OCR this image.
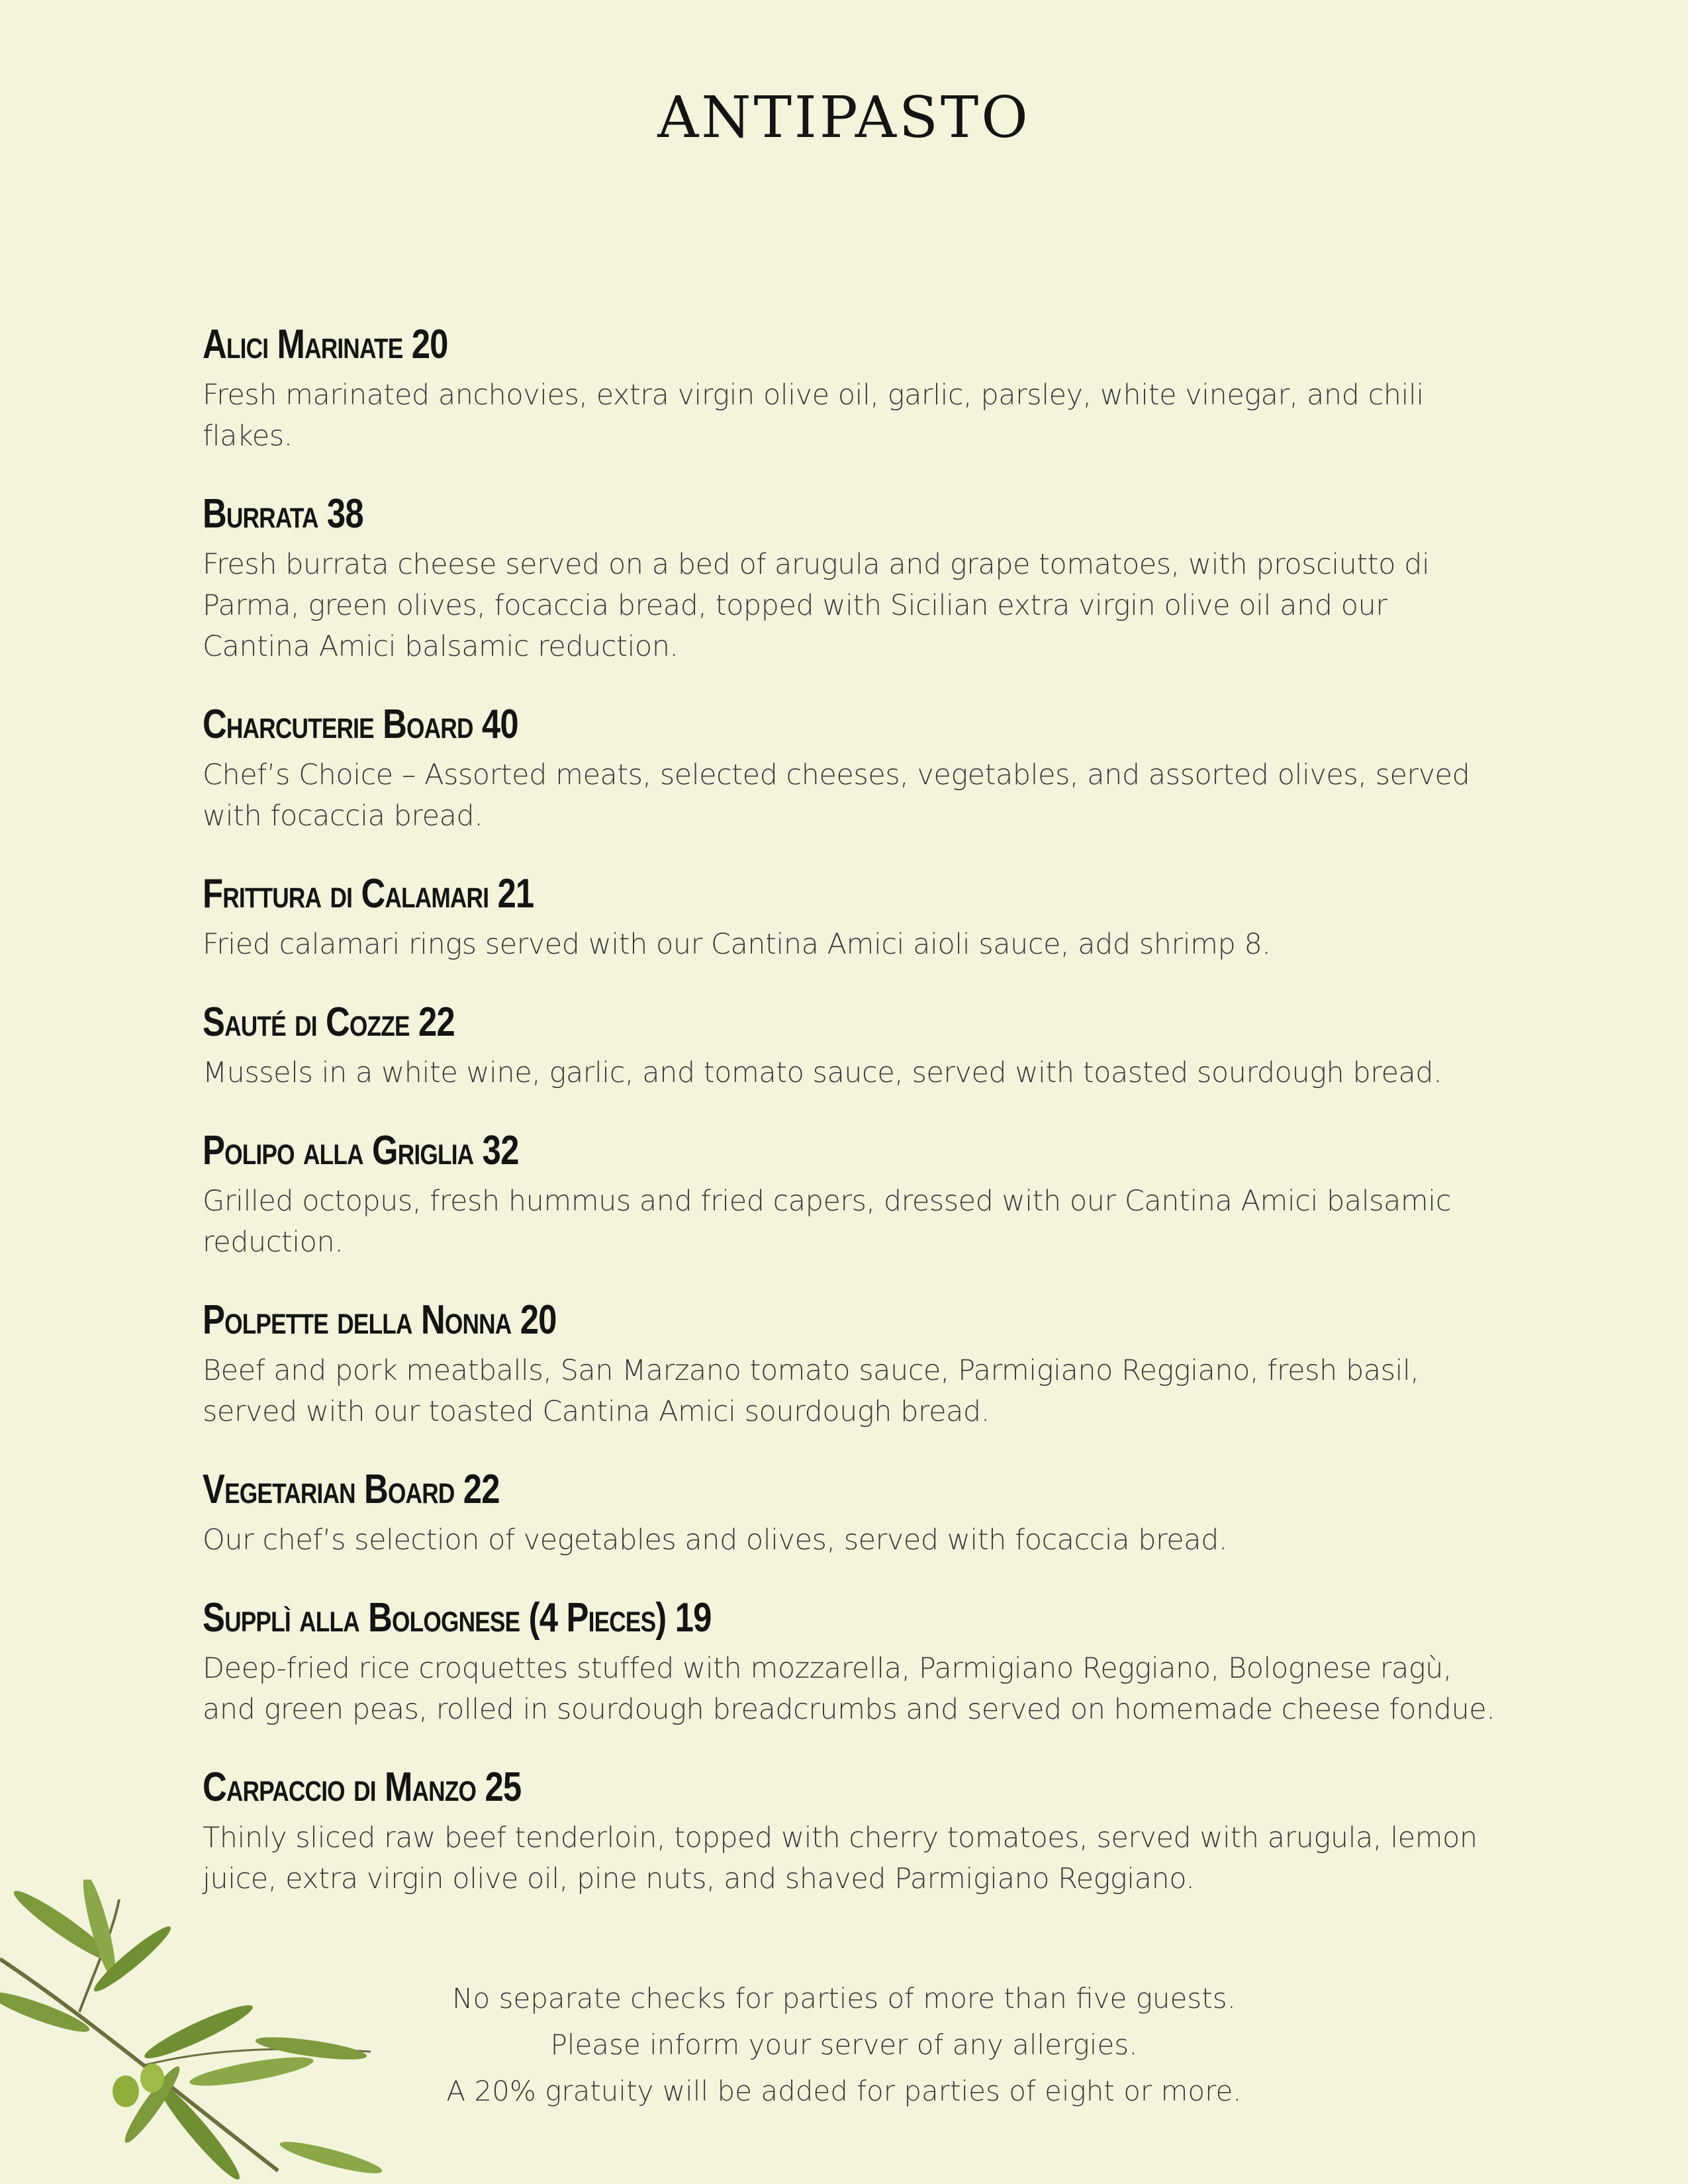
ANTIPASTO
Alici Marinate 20
Fresh marinated anchovies, extra virgin olive oil, garlic, parsley, white vinegar, and chili flakes.
Burrata 38
Fresh burrata cheese served on a bed of arugula and grape tomatoes, with prosciutto di Parma, green olives, focaccia bread, topped with Sicilian extra virgin olive oil and our Cantina Amici balsamic reduction.
Charcuterie Board 40
Chef’s Choice – Assorted meats, selected cheeses, vegetables, and assorted olives, served with focaccia bread.
Frittura di Calamari 21
Fried calamari rings served with our Cantina Amici aioli sauce, add shrimp 8.
Sauté di Cozze 22
Mussels in a white wine, garlic, and tomato sauce, served with toasted sourdough bread.
Polipo alla Griglia 32
Grilled octopus, fresh hummus and fried capers, dressed with our Cantina Amici balsamic reduction.
Polpette della Nonna 20
Beef and pork meatballs, San Marzano tomato sauce, Parmigiano Reggiano, fresh basil, served with our toasted Cantina Amici sourdough bread.
Vegetarian Board 22
Our chef’s selection of vegetables and olives, served with focaccia bread.
Supplì alla Bolognese (4 Pieces) 19
Deep-fried rice croquettes stuffed with mozzarella, Parmigiano Reggiano, Bolognese ragù, and green peas, rolled in sourdough breadcrumbs and served on homemade cheese fondue.
Carpaccio di Manzo 25
Thinly sliced raw beef tenderloin, topped with cherry tomatoes, served with arugula, lemon juice, extra virgin olive oil, pine nuts, and shaved Parmigiano Reggiano.
No separate checks for parties of more than five guests.
Please inform your server of any allergies.
A 20% gratuity will be added for parties of eight or more.
